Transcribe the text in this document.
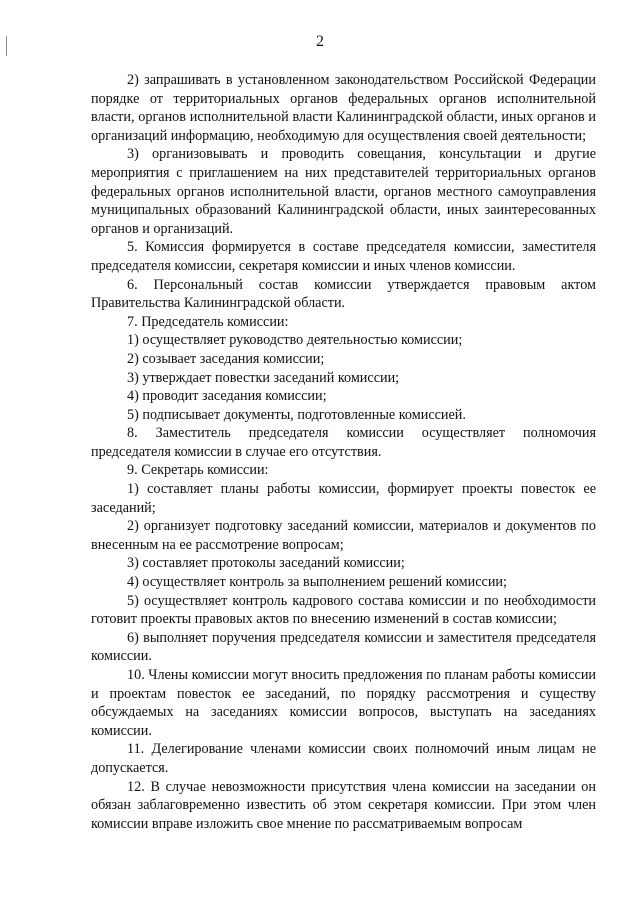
2

2) запрашивать в установленном законодательством Российской Федерации порядке от территориальных органов федеральных органов исполнительной власти, органов исполнительной власти Калининградской области, иных органов и организаций информацию, необходимую для осуществления своей деятельности;

3) организовывать и проводить совещания, консультации и другие мероприятия с приглашением на них представителей территориальных органов федеральных органов исполнительной власти, органов местного самоуправления муниципальных образований Калининградской области, иных заинтересованных органов и организаций.

5. Комиссия формируется в составе председателя комиссии, заместителя председателя комиссии, секретаря комиссии и иных членов комиссии.

6. Персональный состав комиссии утверждается правовым актом Правительства Калининградской области.

7. Председатель комиссии:

1) осуществляет руководство деятельностью комиссии;

2) созывает заседания комиссии;

3) утверждает повестки заседаний комиссии;

4) проводит заседания комиссии;

5) подписывает документы, подготовленные комиссией.

8. Заместитель председателя комиссии осуществляет полномочия председателя комиссии в случае его отсутствия.

9. Секретарь комиссии:

1) составляет планы работы комиссии, формирует проекты повесток ее заседаний;

2) организует подготовку заседаний комиссии, материалов и документов по внесенным на ее рассмотрение вопросам;

3) составляет протоколы заседаний комиссии;

4) осуществляет контроль за выполнением решений комиссии;

5) осуществляет контроль кадрового состава комиссии и по необходимости готовит проекты правовых актов по внесению изменений в состав комиссии;

6) выполняет поручения председателя комиссии и заместителя председателя комиссии.

10. Члены комиссии могут вносить предложения по планам работы комиссии и проектам повесток ее заседаний, по порядку рассмотрения и существу обсуждаемых на заседаниях комиссии вопросов, выступать на заседаниях комиссии.

11. Делегирование членами комиссии своих полномочий иным лицам не допускается.

12. В случае невозможности присутствия члена комиссии на заседании он обязан заблаговременно известить об этом секретаря комиссии. При этом член комиссии вправе изложить свое мнение по рассматриваемым вопросам
